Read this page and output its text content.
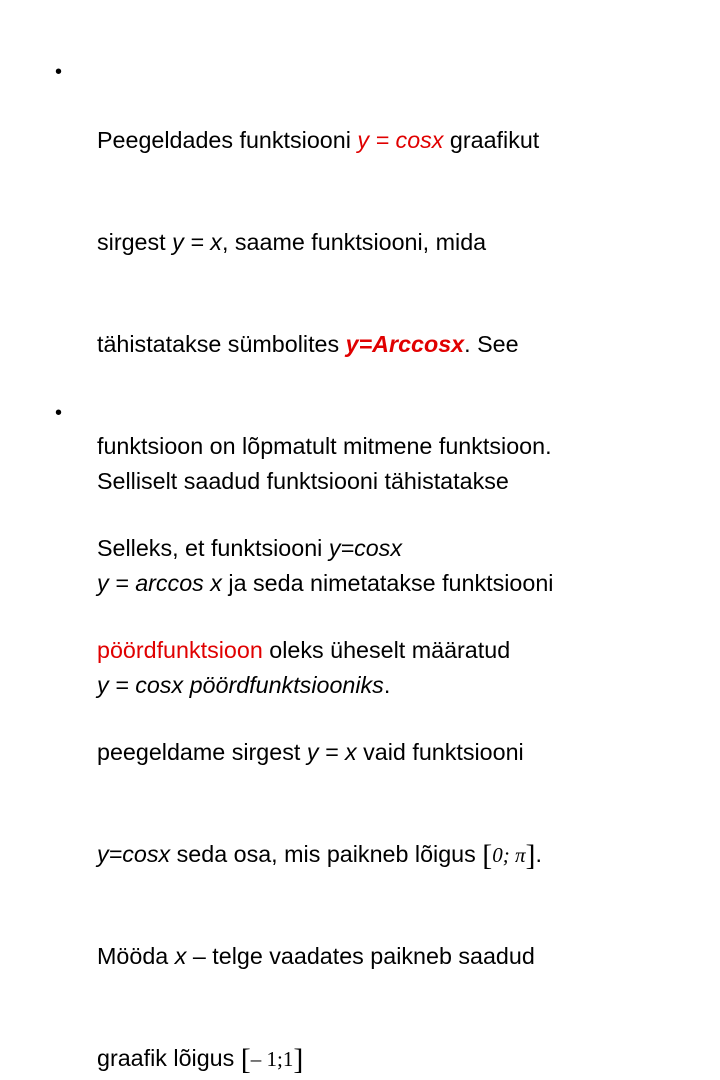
•

Peegeldades funktsiooni y = cosx graafikut

sirgest y = x, saame funktsiooni, mida

tähistatakse sümbolites y=Arccosx. See

funktsioon on lõpmatult mitmene funktsioon.

Selleks, et funktsiooni y=cosx

pöördfunktsioon oleks üheselt määratud

peegeldame sirgest y = x vaid funktsiooni

y=cosx seda osa, mis paikneb lõigus [0; π].

Mööda x – telge vaadates paikneb saadud

graafik lõigus [– 1;1]

•

Selliselt saadud funktsiooni tähistatakse

y = arccos x ja seda nimetatakse funktsiooni

y = cosx pöördfunktsiooniks.
